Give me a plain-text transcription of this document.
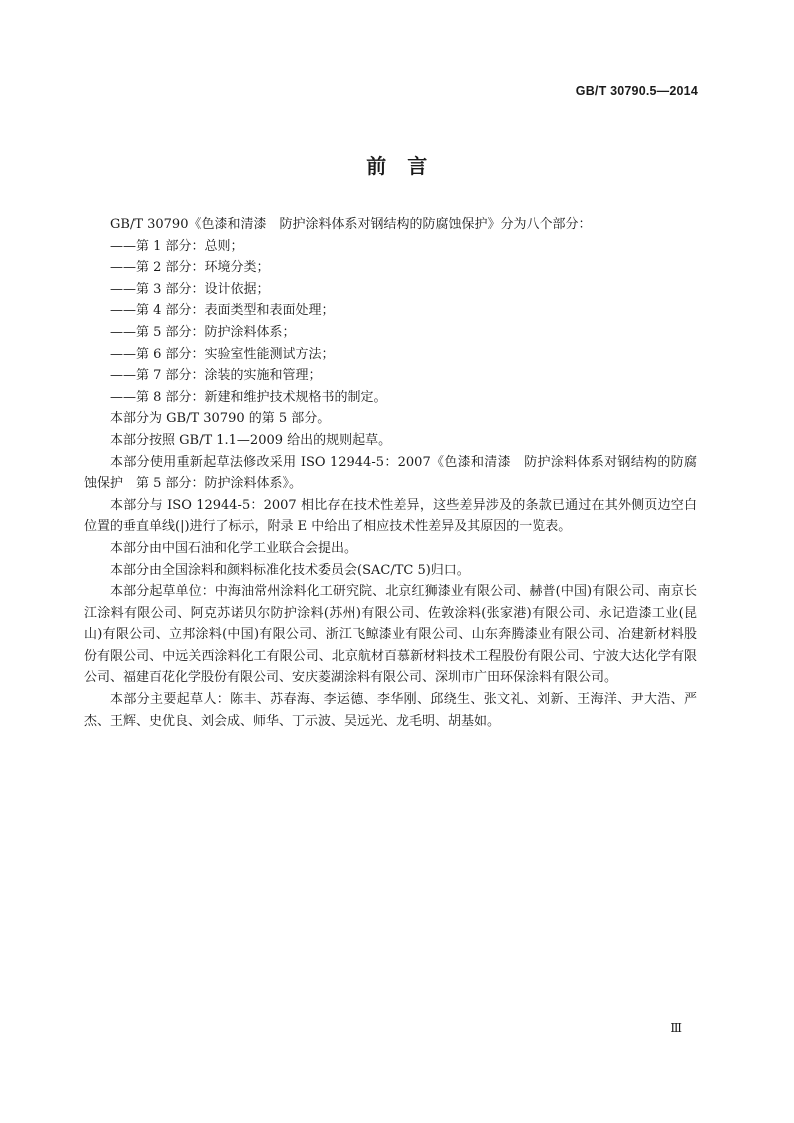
GB/T 30790.5—2014
前　言

GB/T 30790《色漆和清漆　防护涂料体系对钢结构的防腐蚀保护》分为八个部分：

——第 1 部分：总则；

——第 2 部分：环境分类；

——第 3 部分：设计依据；

——第 4 部分：表面类型和表面处理；

——第 5 部分：防护涂料体系；

——第 6 部分：实验室性能测试方法；

——第 7 部分：涂装的实施和管理；

——第 8 部分：新建和维护技术规格书的制定。

本部分为 GB/T 30790 的第 5 部分。

本部分按照 GB/T 1.1—2009 给出的规则起草。

本部分使用重新起草法修改采用 ISO 12944-5：2007《色漆和清漆　防护涂料体系对钢结构的防腐蚀保护　第 5 部分：防护涂料体系》。

本部分与 ISO 12944-5：2007 相比存在技术性差异，这些差异涉及的条款已通过在其外侧页边空白位置的垂直单线(|)进行了标示，附录 E 中给出了相应技术性差异及其原因的一览表。

本部分由中国石油和化学工业联合会提出。

本部分由全国涂料和颜料标准化技术委员会(SAC/TC 5)归口。

本部分起草单位：中海油常州涂料化工研究院、北京红狮漆业有限公司、赫普(中国)有限公司、南京长江涂料有限公司、阿克苏诺贝尔防护涂料(苏州)有限公司、佐敦涂料(张家港)有限公司、永记造漆工业(昆山)有限公司、立邦涂料(中国)有限公司、浙江飞鲸漆业有限公司、山东奔腾漆业有限公司、冶建新材料股份有限公司、中远关西涂料化工有限公司、北京航材百慕新材料技术工程股份有限公司、宁波大达化学有限公司、福建百花化学股份有限公司、安庆菱湖涂料有限公司、深圳市广田环保涂料有限公司。

本部分主要起草人：陈丰、苏春海、李运德、李华刚、邱绕生、张文礼、刘新、王海洋、尹大浩、严杰、王辉、史优良、刘会成、师华、丁示波、吴远光、龙毛明、胡基如。

Ⅲ
